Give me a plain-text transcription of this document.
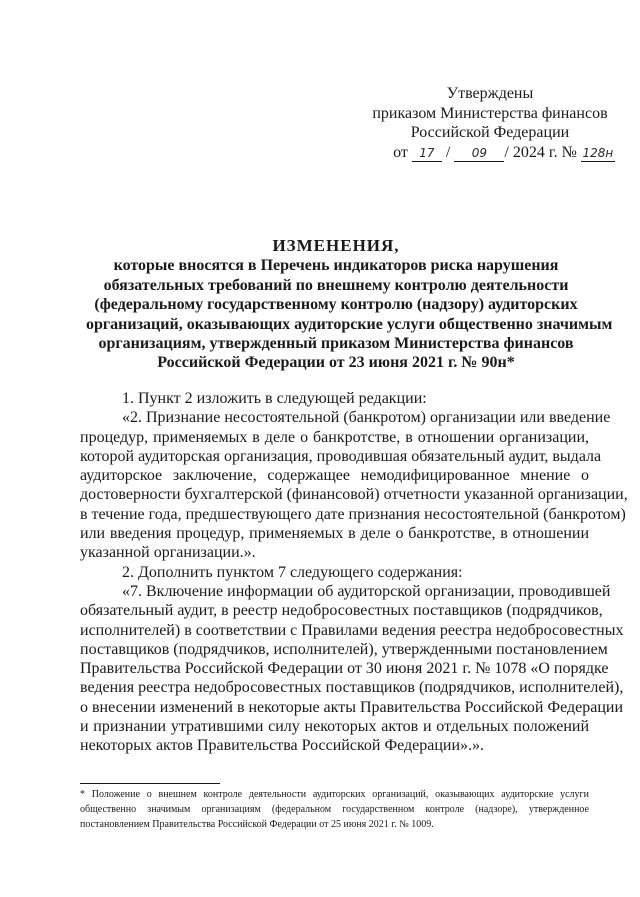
Утверждены
приказом Министерства финансов
Российской Федерации
от 17 / 09 / 2024 г. № 128н
ИЗМЕНЕНИЯ,
которые вносятся в Перечень индикаторов риска нарушения
обязательных требований по внешнему контролю деятельности
(федеральному государственному контролю (надзору) аудиторских
организаций, оказывающих аудиторские услуги общественно значимым
организациям, утвержденный приказом Министерства финансов
Российской Федерации от 23 июня 2021 г. № 90н*
1. Пункт 2 изложить в следующей редакции:
«2. Признание несостоятельной (банкротом) организации или введение
процедур, применяемых в деле о банкротстве, в отношении организации,
которой аудиторская организация, проводившая обязательный аудит, выдала
аудиторское заключение, содержащее немодифицированное мнение о
достоверности бухгалтерской (финансовой) отчетности указанной организации,
в течение года, предшествующего дате признания несостоятельной (банкротом)
или введения процедур, применяемых в деле о банкротстве, в отношении
указанной организации.».
2. Дополнить пунктом 7 следующего содержания:
«7. Включение информации об аудиторской организации, проводившей
обязательный аудит, в реестр недобросовестных поставщиков (подрядчиков,
исполнителей) в соответствии с Правилами ведения реестра недобросовестных
поставщиков (подрядчиков, исполнителей), утвержденными постановлением
Правительства Российской Федерации от 30 июня 2021 г. № 1078 «О порядке
ведения реестра недобросовестных поставщиков (подрядчиков, исполнителей),
о внесении изменений в некоторые акты Правительства Российской Федерации
и признании утратившими силу некоторых актов и отдельных положений
некоторых актов Правительства Российской Федерации».».
* Положение о внешнем контроле деятельности аудиторских организаций, оказывающих аудиторские услуги
общественно значимым организациям (федеральном государственном контроле (надзоре), утвержденное
постановлением Правительства Российской Федерации от 25 июня 2021 г. № 1009.
